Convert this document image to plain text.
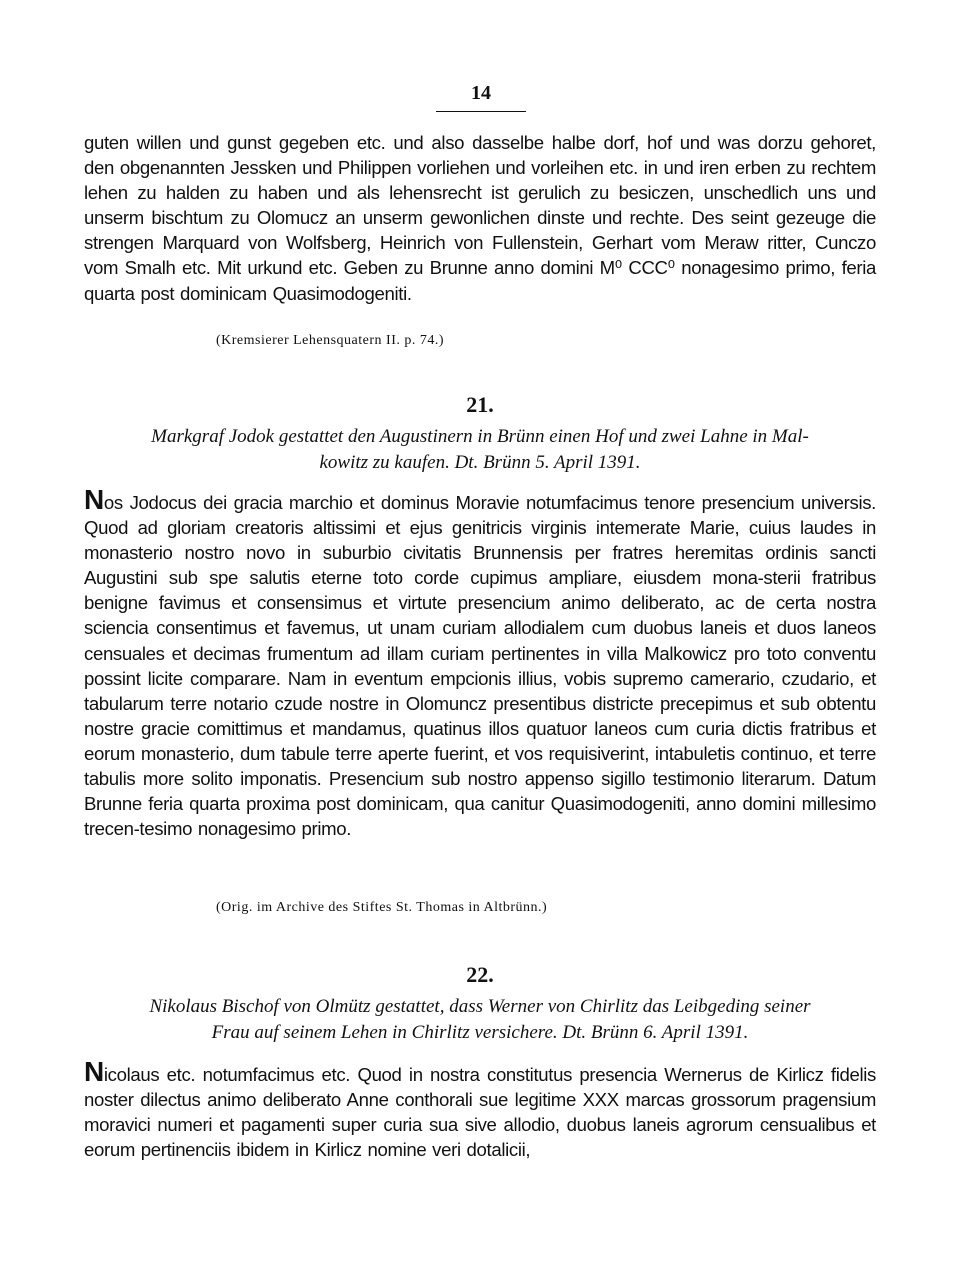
14
guten willen und gunst gegeben etc. und also dasselbe halbe dorf, hof und was dorzu gehoret, den obgenannten Jessken und Philippen vorliehen und vorleihen etc. in und iren erben zu rechtem lehen zu halden zu haben und als lehensrecht ist gerulich zu besiczen, unschedlich uns und unserm bischtum zu Olomucz an unserm gewonlichen dinste und rechte. Des seint gezeuge die strengen Marquard von Wolfsberg, Heinrich von Fullenstein, Gerhart vom Meraw ritter, Cunczo vom Smalh etc. Mit urkund etc. Geben zu Brunne anno domini M⁰ CCC⁰ nonagesimo primo, feria quarta post dominicam Quasimodogeniti.
(Kremsierer Lehensquatern II. p. 74.)
21.
Markgraf Jodok gestattet den Augustinern in Brünn einen Hof und zwei Lahne in Mal-
kowitz zu kaufen. Dt. Brünn 5. April 1391.
Nos Jodocus dei gracia marchio et dominus Moravie notumfacimus tenore presencium universis. Quod ad gloriam creatoris altissimi et ejus genitricis virginis intemerate Marie, cuius laudes in monasterio nostro novo in suburbio civitatis Brunnensis per fratres heremitas ordinis sancti Augustini sub spe salutis eterne toto corde cupimus ampliare, eiusdem mona-sterii fratribus benigne favimus et consensimus et virtute presencium animo deliberato, ac de certa nostra sciencia consentimus et favemus, ut unam curiam allodialem cum duobus laneis et duos laneos censuales et decimas frumentum ad illam curiam pertinentes in villa Malkowicz pro toto conventu possint licite comparare. Nam in eventum empcionis illius, vobis supremo camerario, czudario, et tabularum terre notario czude nostre in Olomuncz presentibus districte precepimus et sub obtentu nostre gracie comittimus et mandamus, quatinus illos quatuor laneos cum curia dictis fratribus et eorum monasterio, dum tabule terre aperte fuerint, et vos requisiverint, intabuletis continuo, et terre tabulis more solito imponatis. Presencium sub nostro appenso sigillo testimonio literarum. Datum Brunne feria quarta proxima post dominicam, qua canitur Quasimodogeniti, anno domini millesimo trecen-tesimo nonagesimo primo.
(Orig. im Archive des Stiftes St. Thomas in Altbrünn.)
22.
Nikolaus Bischof von Olmütz gestattet, dass Werner von Chirlitz das Leibgeding seiner
Frau auf seinem Lehen in Chirlitz versichere. Dt. Brünn 6. April 1391.
Nicolaus etc. notumfacimus etc. Quod in nostra constitutus presencia Wernerus de Kirlicz fidelis noster dilectus animo deliberato Anne conthorali sue legitime XXX marcas grossorum pragensium moravici numeri et pagamenti super curia sua sive allodio, duobus laneis agrorum censualibus et eorum pertinenciis ibidem in Kirlicz nomine veri dotalicii,
